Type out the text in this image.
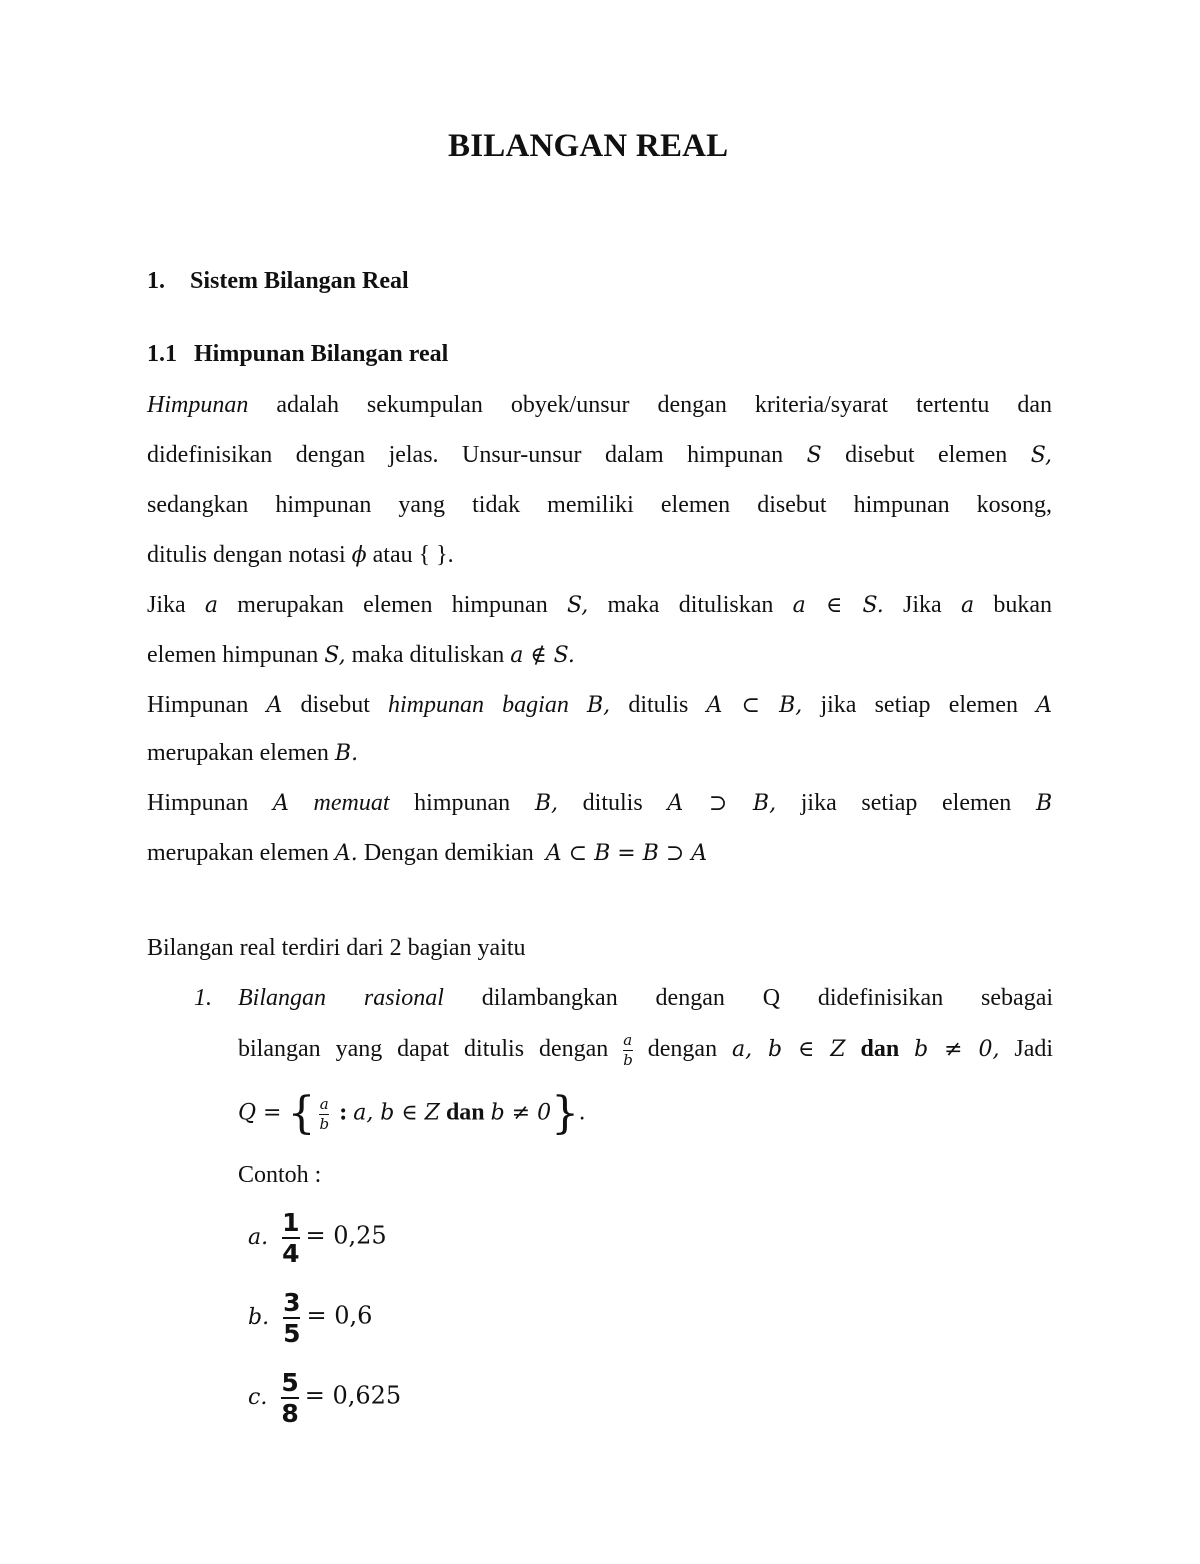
BILANGAN REAL
1. Sistem Bilangan Real
1.1 Himpunan Bilangan real
Himpunan adalah sekumpulan obyek/unsur dengan kriteria/syarat tertentu dan
didefinisikan dengan jelas. Unsur-unsur dalam himpunan S disebut elemen S,
sedangkan himpunan yang tidak memiliki elemen disebut himpunan kosong,
ditulis dengan notasi ϕ atau { }.
Jika a merupakan elemen himpunan S, maka dituliskan a ∈ S. Jika a bukan
elemen himpunan S, maka dituliskan a ∉ S.
Himpunan A disebut himpunan bagian B, ditulis A ⊂ B, jika setiap elemen A
merupakan elemen B.
Himpunan A memuat himpunan B, ditulis A ⊃ B, jika setiap elemen B
merupakan elemen A. Dengan demikian A ⊂ B = B ⊃ A
Bilangan real terdiri dari 2 bagian yaitu
1. Bilangan rasional dilambangkan dengan Q didefinisikan sebagai
bilangan yang dapat ditulis dengan $\frac{a}{b}$ dengan a, b ∈ Z dan b ≠ 0, Jadi
Q = { $\frac{a}{b}$ : a, b ∈ Z dan b ≠ 0}.
Contoh :
a. $\frac{1}{4} = 0,25$
b. $\frac{3}{5} = 0,6$
c. $\frac{5}{8} = 0,625$
